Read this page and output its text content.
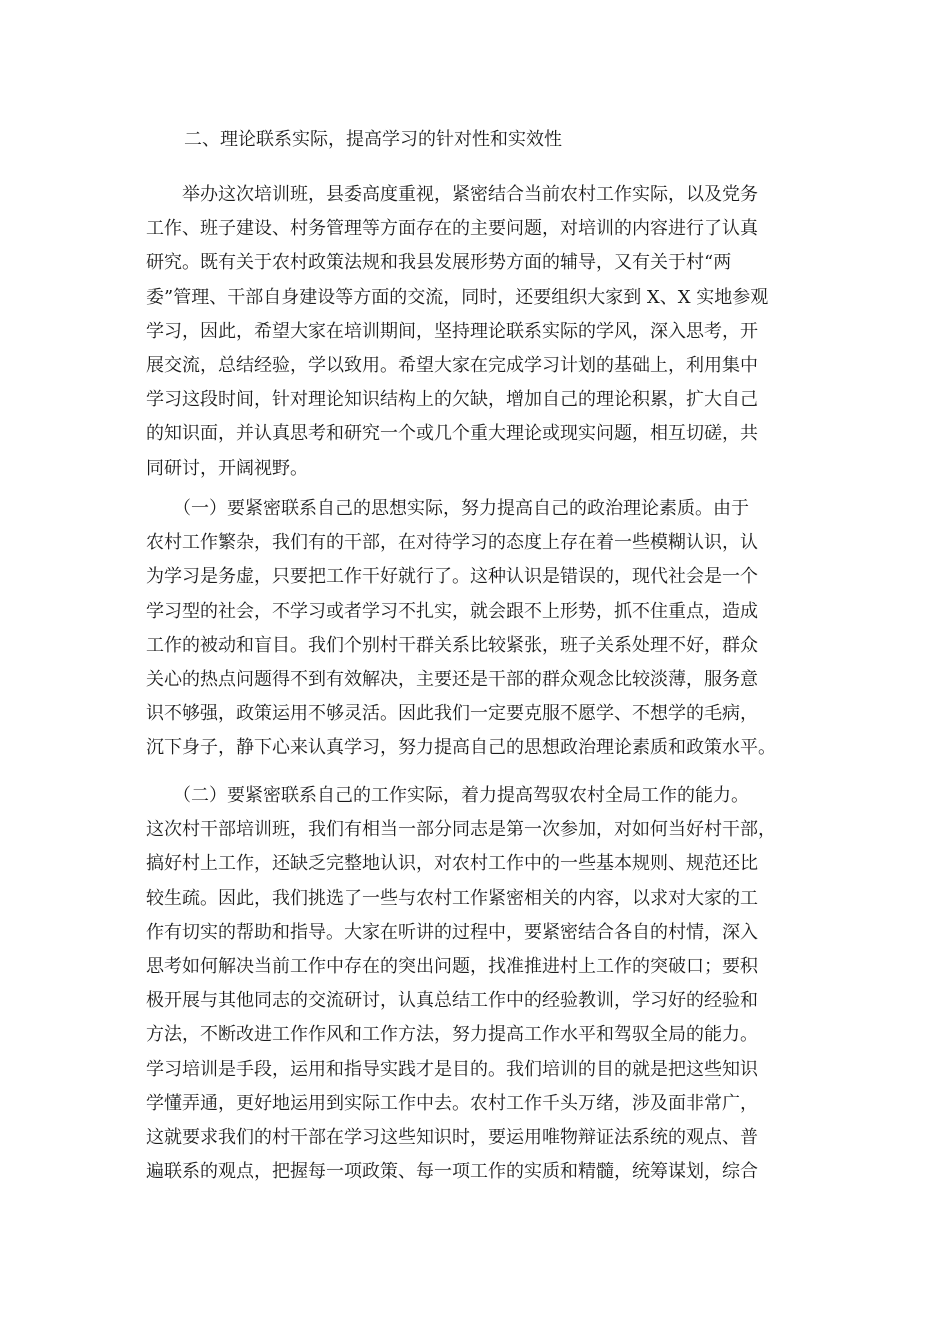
二、理论联系实际，提高学习的针对性和实效性
　　举办这次培训班，县委高度重视，紧密结合当前农村工作实际，以及党务
工作、班子建设、村务管理等方面存在的主要问题，对培训的内容进行了认真
研究。既有关于农村政策法规和我县发展形势方面的辅导，又有关于村“两
委”管理、干部自身建设等方面的交流，同时，还要组织大家到 X、X 实地参观
学习，因此，希望大家在培训期间，坚持理论联系实际的学风，深入思考，开
展交流，总结经验，学以致用。希望大家在完成学习计划的基础上，利用集中
学习这段时间，针对理论知识结构上的欠缺，增加自己的理论积累，扩大自己
的知识面，并认真思考和研究一个或几个重大理论或现实问题，相互切磋，共
同研讨，开阔视野。
　　（一）要紧密联系自己的思想实际，努力提高自己的政治理论素质。由于
农村工作繁杂，我们有的干部，在对待学习的态度上存在着一些模糊认识，认
为学习是务虚，只要把工作干好就行了。这种认识是错误的，现代社会是一个
学习型的社会，不学习或者学习不扎实，就会跟不上形势，抓不住重点，造成
工作的被动和盲目。我们个别村干群关系比较紧张，班子关系处理不好，群众
关心的热点问题得不到有效解决，主要还是干部的群众观念比较淡薄，服务意
识不够强，政策运用不够灵活。因此我们一定要克服不愿学、不想学的毛病，
沉下身子，静下心来认真学习，努力提高自己的思想政治理论素质和政策水平。
　　（二）要紧密联系自己的工作实际，着力提高驾驭农村全局工作的能力。
这次村干部培训班，我们有相当一部分同志是第一次参加，对如何当好村干部，
搞好村上工作，还缺乏完整地认识，对农村工作中的一些基本规则、规范还比
较生疏。因此，我们挑选了一些与农村工作紧密相关的内容，以求对大家的工
作有切实的帮助和指导。大家在听讲的过程中，要紧密结合各自的村情，深入
思考如何解决当前工作中存在的突出问题，找准推进村上工作的突破口；要积
极开展与其他同志的交流研讨，认真总结工作中的经验教训，学习好的经验和
方法，不断改进工作作风和工作方法，努力提高工作水平和驾驭全局的能力。
学习培训是手段，运用和指导实践才是目的。我们培训的目的就是把这些知识
学懂弄通，更好地运用到实际工作中去。农村工作千头万绪，涉及面非常广，
这就要求我们的村干部在学习这些知识时，要运用唯物辩证法系统的观点、普
遍联系的观点，把握每一项政策、每一项工作的实质和精髓，统筹谋划，综合
